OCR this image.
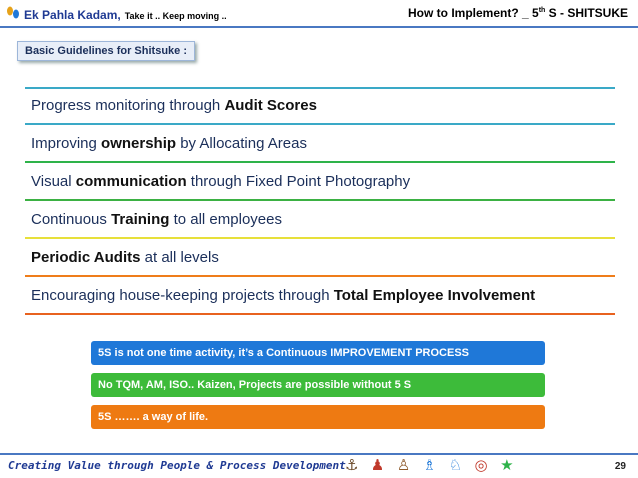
Ek Pahla Kadam, Take it .. Keep moving ..	How to Implement? _ 5th S - SHITSUKE
Basic Guidelines for Shitsuke :
Progress monitoring through Audit Scores
Improving ownership by Allocating Areas
Visual communication through Fixed Point Photography
Continuous Training to all employees
Periodic Audits at all levels
Encouraging house-keeping projects through Total Employee Involvement
5S is not one time activity, it’s a Continuous IMPROVEMENT PROCESS
No TQM, AM, ISO.. Kaizen, Projects are possible without 5 S
5S ……. a way of life.
Creating Value through People & Process Development ⚓ ♟ ♙ ♗ ♘ ◎ ★	29
